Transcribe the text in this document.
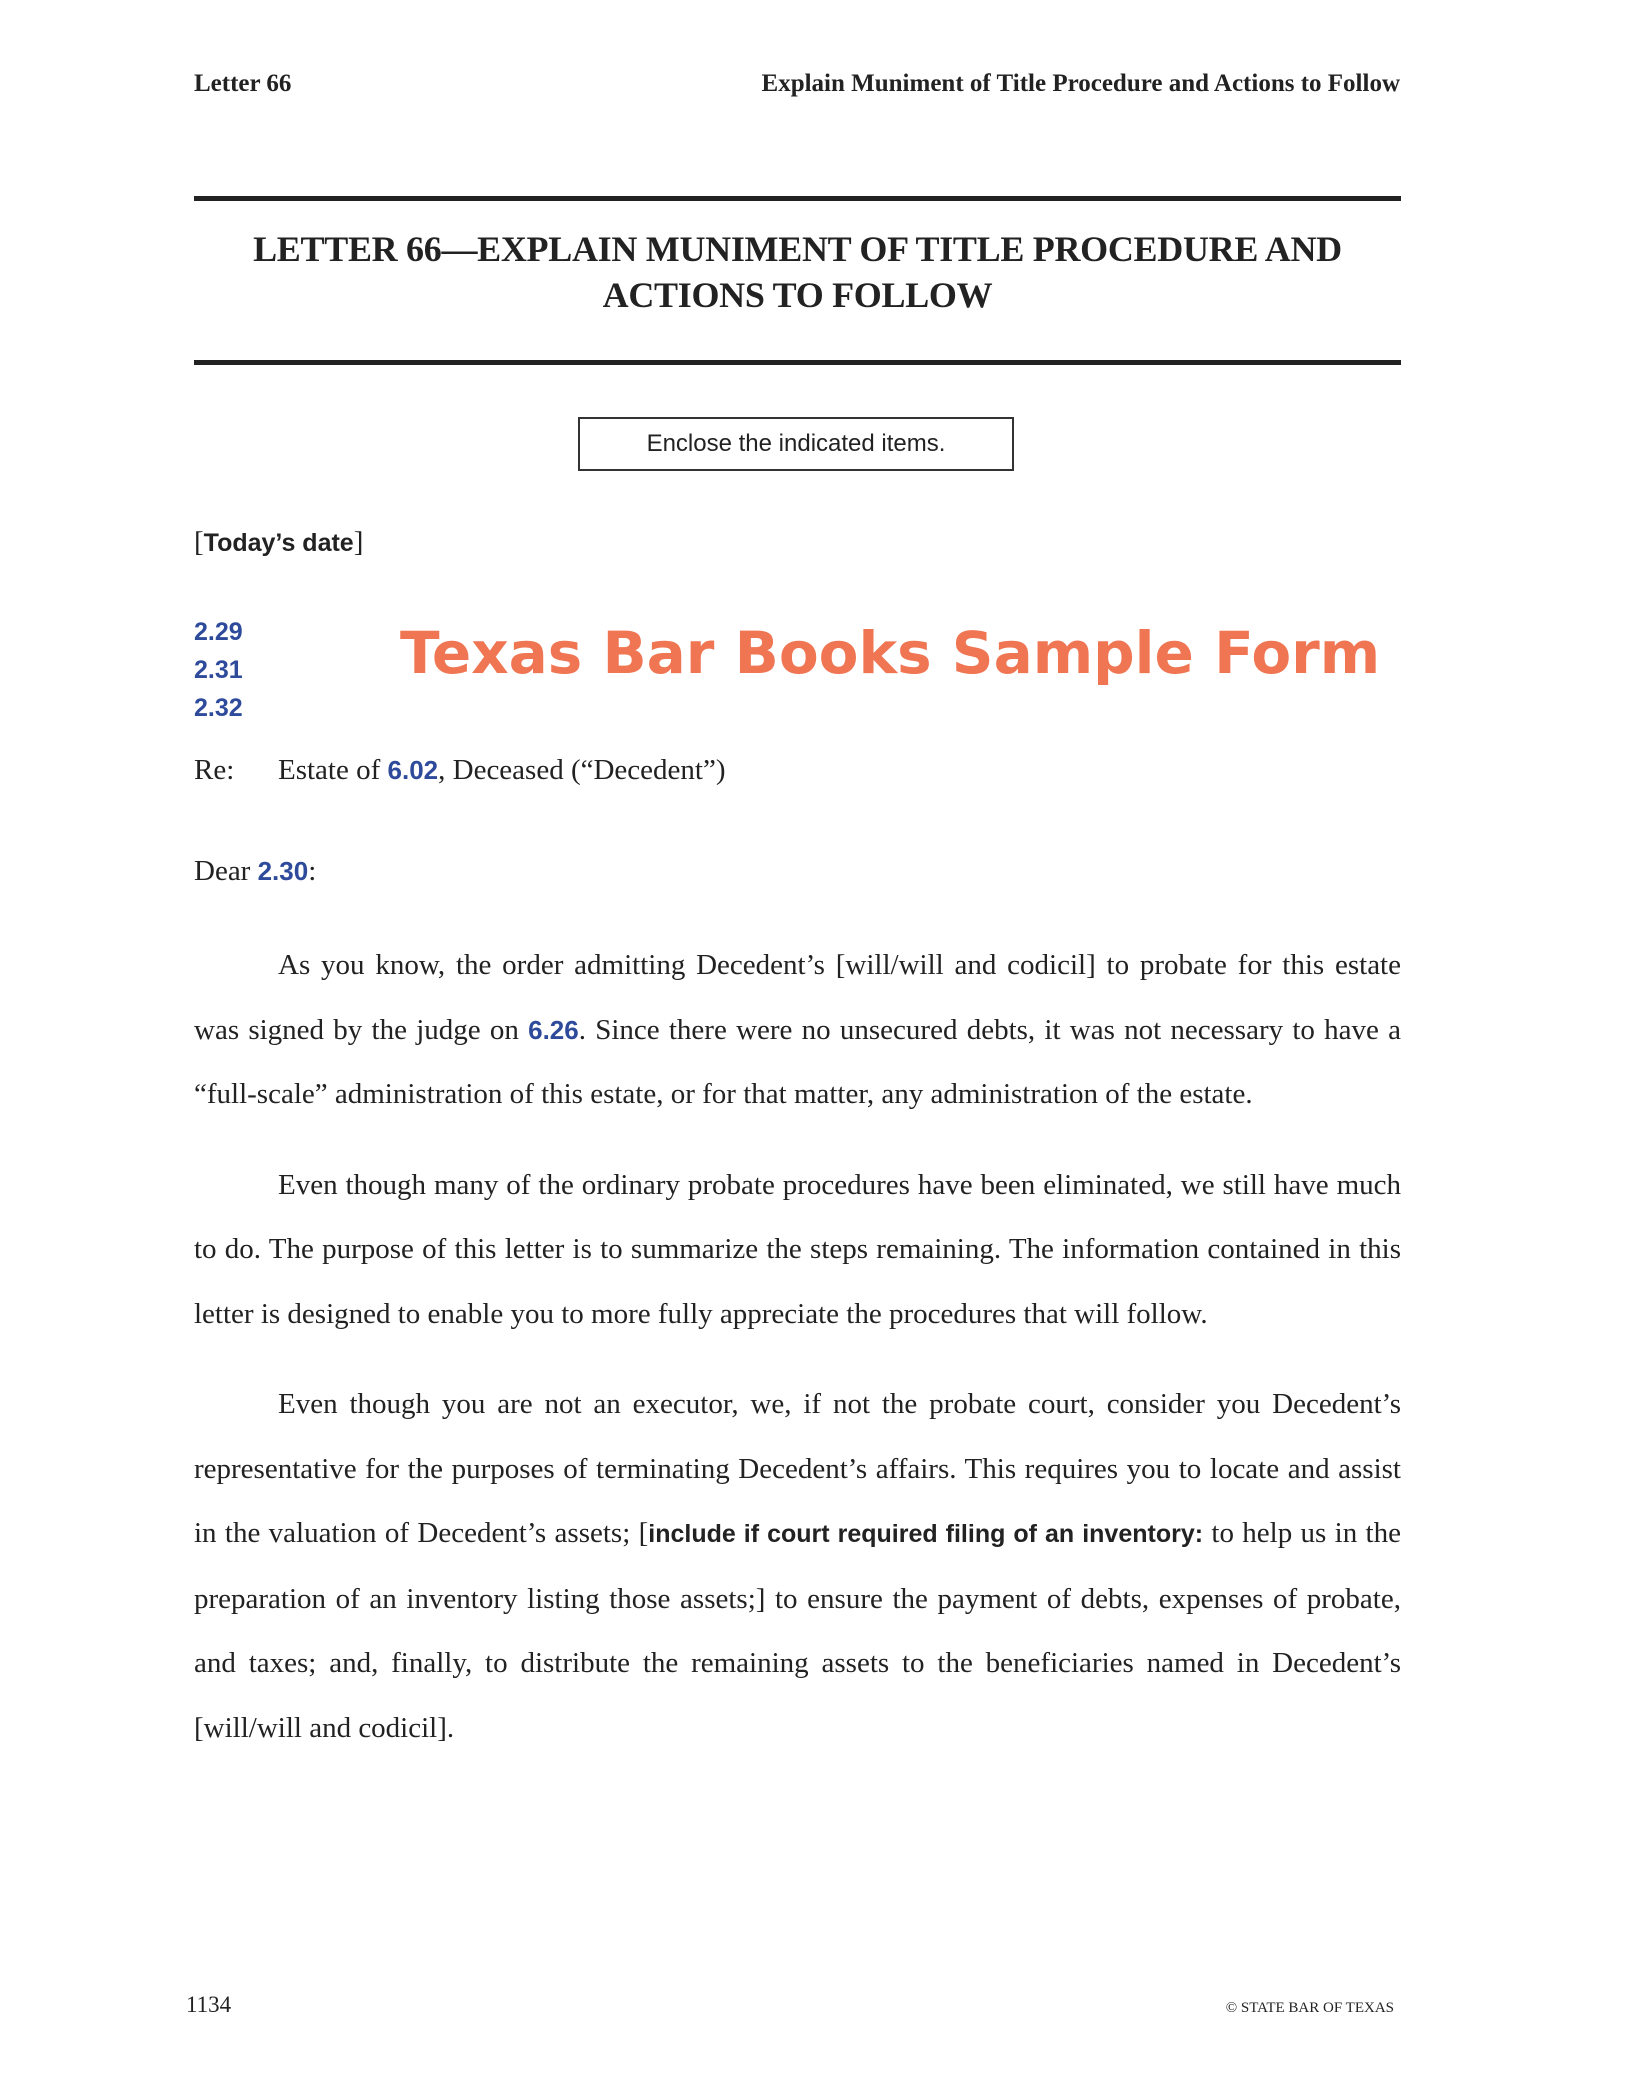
Letter 66	Explain Muniment of Title Procedure and Actions to Follow
LETTER 66—EXPLAIN MUNIMENT OF TITLE PROCEDURE AND
ACTIONS TO FOLLOW
Enclose the indicated items.
[Today’s date]
2.29
2.31
2.32
Texas Bar Books Sample Form
Re: Estate of 6.02, Deceased (“Decedent”)
Dear 2.30:

As you know, the order admitting Decedent’s [will/will and codicil] to probate for this estate was signed by the judge on 6.26. Since there were no unsecured debts, it was not necessary to have a “full-scale” administration of this estate, or for that matter, any administration of the estate.

Even though many of the ordinary probate procedures have been eliminated, we still have much to do. The purpose of this letter is to summarize the steps remaining. The information contained in this letter is designed to enable you to more fully appreciate the procedures that will follow.

Even though you are not an executor, we, if not the probate court, consider you Decedent’s representative for the purposes of terminating Decedent’s affairs. This requires you to locate and assist in the valuation of Decedent’s assets; [include if court required filing of an inventory: to help us in the preparation of an inventory listing those assets;] to ensure the payment of debts, expenses of probate, and taxes; and, finally, to distribute the remaining assets to the beneficiaries named in Decedent’s [will/will and codicil].

1134	© STATE BAR OF TEXAS
